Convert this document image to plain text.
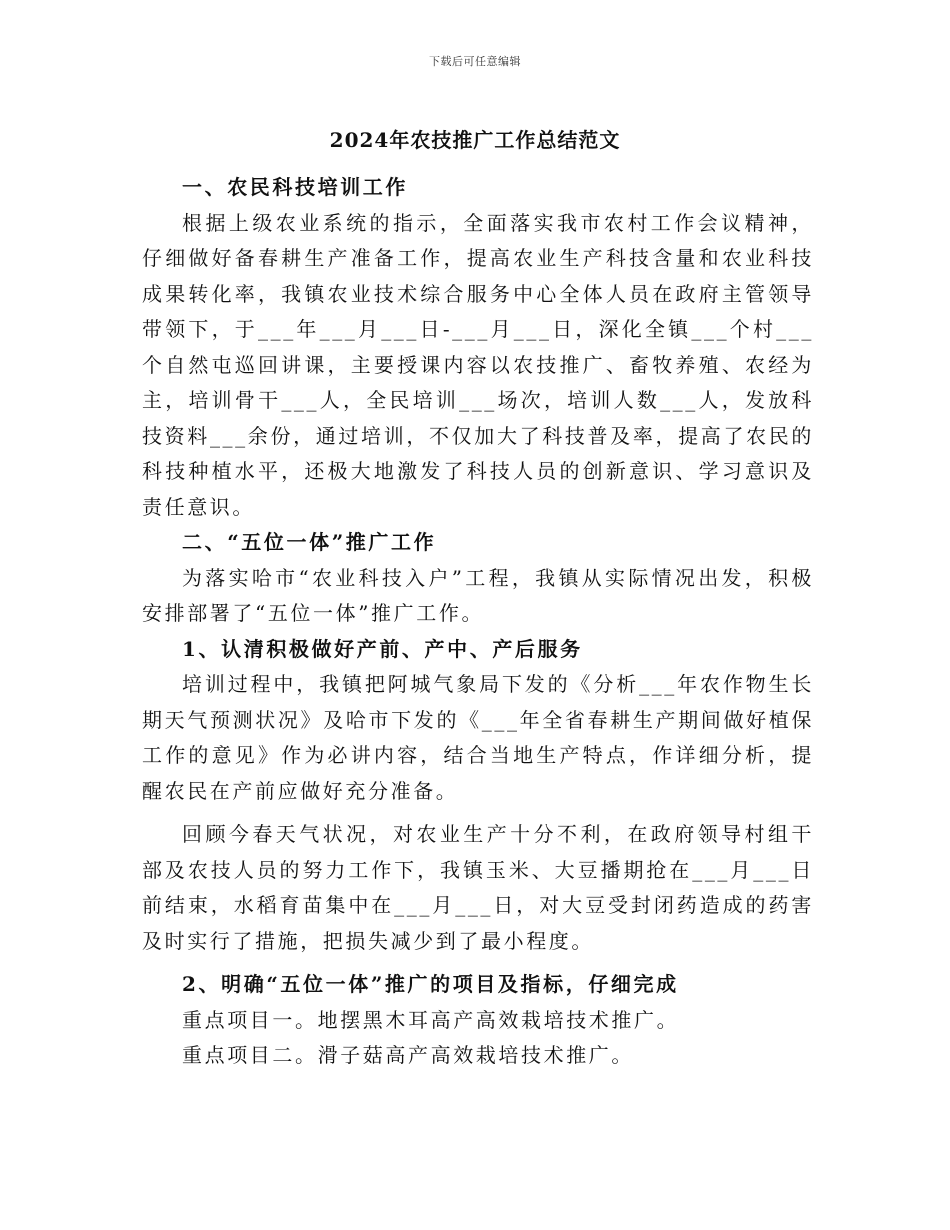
下载后可任意编辑
2024年农技推广工作总结范文

一、农民科技培训工作

根据上级农业系统的指示，全面落实我市农村工作会议精神，仔细做好备春耕生产准备工作，提高农业生产科技含量和农业科技成果转化率，我镇农业技术综合服务中心全体人员在政府主管领导带领下，于___年___月___日-___月___日，深化全镇___个村___个自然屯巡回讲课，主要授课内容以农技推广、畜牧养殖、农经为主，培训骨干___人，全民培训___场次，培训人数___人，发放科技资料___余份，通过培训，不仅加大了科技普及率，提高了农民的科技种植水平，还极大地激发了科技人员的创新意识、学习意识及责任意识。

二、“五位一体”推广工作

为落实哈市“农业科技入户”工程，我镇从实际情况出发，积极安排部署了“五位一体”推广工作。

1、认清积极做好产前、产中、产后服务

培训过程中，我镇把阿城气象局下发的《分析___年农作物生长期天气预测状况》及哈市下发的《___年全省春耕生产期间做好植保工作的意见》作为必讲内容，结合当地生产特点，作详细分析，提醒农民在产前应做好充分准备。

回顾今春天气状况，对农业生产十分不利，在政府领导村组干部及农技人员的努力工作下，我镇玉米、大豆播期抢在___月___日前结束，水稻育苗集中在___月___日，对大豆受封闭药造成的药害及时实行了措施，把损失减少到了最小程度。

2、明确“五位一体”推广的项目及指标，仔细完成

重点项目一。地摆黑木耳高产高效栽培技术推广。

重点项目二。滑子菇高产高效栽培技术推广。
